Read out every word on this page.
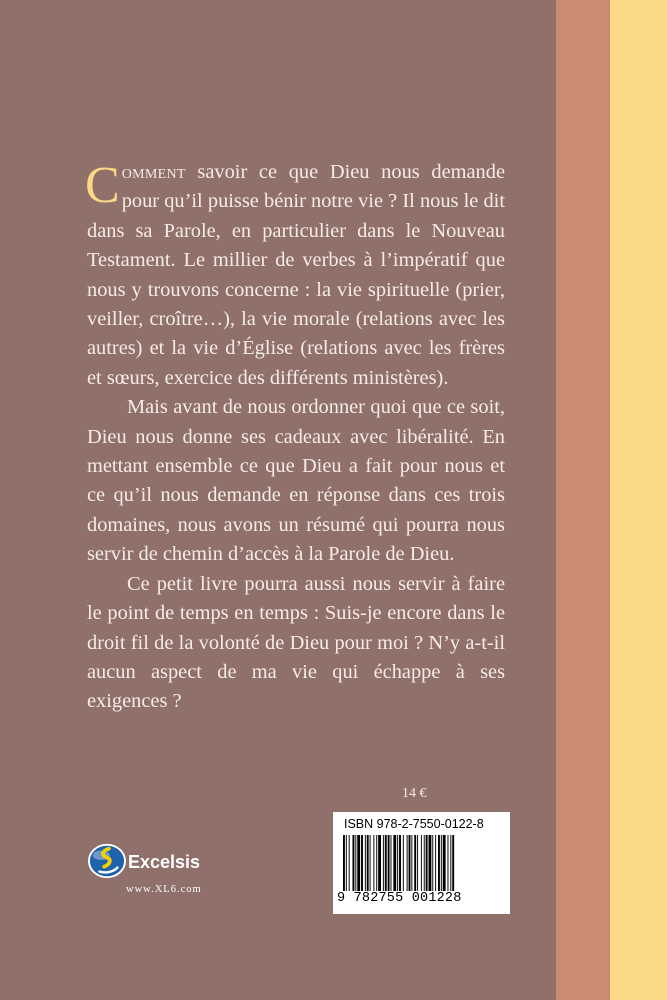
Comment savoir ce que Dieu nous demande pour qu’il puisse bénir notre vie ? Il nous le dit dans sa Parole, en particulier dans le Nouveau Testament. Le millier de verbes à l’impératif que nous y trouvons concerne : la vie spirituelle (prier, veiller, croître…), la vie morale (relations avec les autres) et la vie d’Église (relations avec les frères et sœurs, exercice des différents ministères).

Mais avant de nous ordonner quoi que ce soit, Dieu nous donne ses cadeaux avec libéralité. En mettant ensemble ce que Dieu a fait pour nous et ce qu’il nous demande en réponse dans ces trois domaines, nous avons un résumé qui pourra nous servir de chemin d’accès à la Parole de Dieu.

Ce petit livre pourra aussi nous servir à faire le point de temps en temps : Suis-je encore dans le droit fil de la volonté de Dieu pour moi ? N’y a-t-il aucun aspect de ma vie qui échappe à ses exigences ?

14 €
ISBN 978-2-7550-0122-8
9 782755 001228
Excelsis
www.XL6.com
